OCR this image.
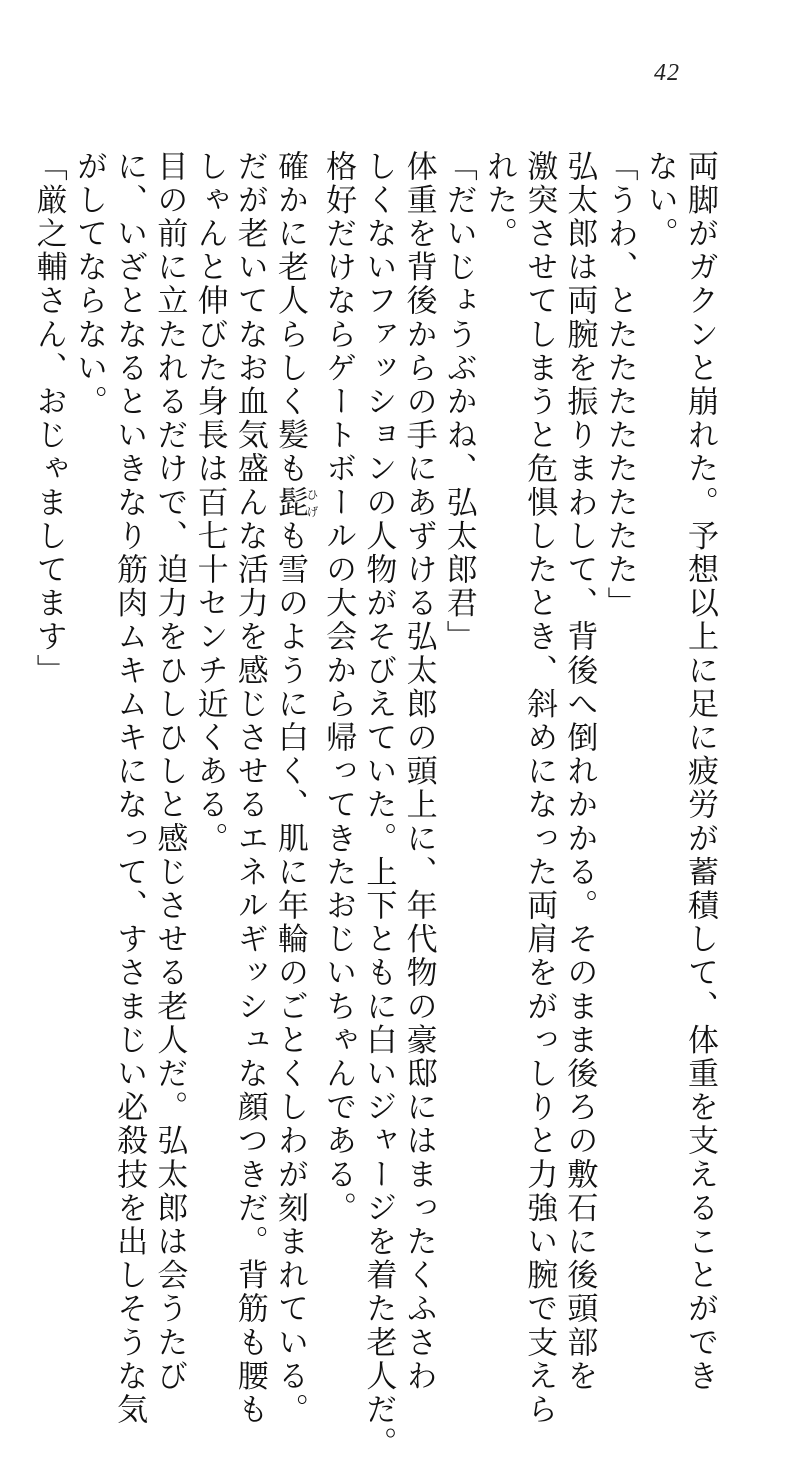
42
両脚がガクンと崩れた。予想以上に足に疲労が蓄積して、体重を支えることができ
ない。
「うわ、とたたたたたたたた」
弘太郎は両腕を振りまわして、背後へ倒れかかる。そのまま後ろの敷石に後頭部を
激突させてしまうと危惧したとき、斜めになった両肩をがっしりと力強い腕で支えら
れた。
「だいじょうぶかね、弘太郎君」
体重を背後からの手にあずける弘太郎の頭上に、年代物の豪邸にはまったくふさわ
しくないファッションの人物がそびえていた。上下ともに白いジャージを着た老人だ。
格好だけならゲートボールの大会から帰ってきたおじいちゃんである。
確かに老人らしく髪も髭ひげも雪のように白く、肌に年輪のごとくしわが刻まれている。
だが老いてなお血気盛んな活力を感じさせるエネルギッシュな顔つきだ。背筋も腰も
しゃんと伸びた身長は百七十センチ近くある。
目の前に立たれるだけで、迫力をひしひしと感じさせる老人だ。弘太郎は会うたび
に、いざとなるといきなり筋肉ムキムキになって、すさまじい必殺技を出しそうな気
がしてならない。
「厳之輔さん、おじゃましてます」
